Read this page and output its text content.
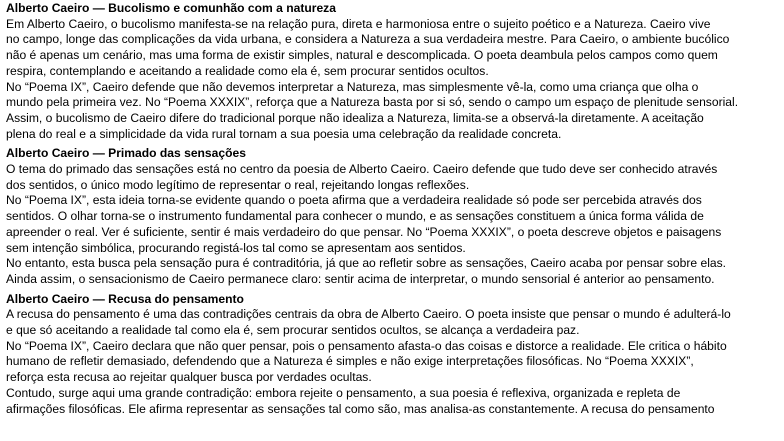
Alberto Caeiro — Bucolismo e comunhão com a natureza
Em Alberto Caeiro, o bucolismo manifesta-se na relação pura, direta e harmoniosa entre o sujeito poético e a Natureza. Caeiro vive
no campo, longe das complicações da vida urbana, e considera a Natureza a sua verdadeira mestre. Para Caeiro, o ambiente bucólico
não é apenas um cenário, mas uma forma de existir simples, natural e descomplicada. O poeta deambula pelos campos como quem
respira, contemplando e aceitando a realidade como ela é, sem procurar sentidos ocultos.
No “Poema IX”, Caeiro defende que não devemos interpretar a Natureza, mas simplesmente vê-la, como uma criança que olha o
mundo pela primeira vez. No “Poema XXXIX”, reforça que a Natureza basta por si só, sendo o campo um espaço de plenitude sensorial.
Assim, o bucolismo de Caeiro difere do tradicional porque não idealiza a Natureza, limita-se a observá-la diretamente. A aceitação
plena do real e a simplicidade da vida rural tornam a sua poesia uma celebração da realidade concreta.
Alberto Caeiro — Primado das sensações
O tema do primado das sensações está no centro da poesia de Alberto Caeiro. Caeiro defende que tudo deve ser conhecido através
dos sentidos, o único modo legítimo de representar o real, rejeitando longas reflexões.
No “Poema IX”, esta ideia torna-se evidente quando o poeta afirma que a verdadeira realidade só pode ser percebida através dos
sentidos. O olhar torna-se o instrumento fundamental para conhecer o mundo, e as sensações constituem a única forma válida de
apreender o real. Ver é suficiente, sentir é mais verdadeiro do que pensar. No “Poema XXXIX”, o poeta descreve objetos e paisagens
sem intenção simbólica, procurando registá-los tal como se apresentam aos sentidos.
No entanto, esta busca pela sensação pura é contraditória, já que ao refletir sobre as sensações, Caeiro acaba por pensar sobre elas.
Ainda assim, o sensacionismo de Caeiro permanece claro: sentir acima de interpretar, o mundo sensorial é anterior ao pensamento.
Alberto Caeiro — Recusa do pensamento
A recusa do pensamento é uma das contradições centrais da obra de Alberto Caeiro. O poeta insiste que pensar o mundo é adulterá-lo
e que só aceitando a realidade tal como ela é, sem procurar sentidos ocultos, se alcança a verdadeira paz.
No “Poema IX”, Caeiro declara que não quer pensar, pois o pensamento afasta-o das coisas e distorce a realidade. Ele critica o hábito
humano de refletir demasiado, defendendo que a Natureza é simples e não exige interpretações filosóficas. No “Poema XXXIX”,
reforça esta recusa ao rejeitar qualquer busca por verdades ocultas.
Contudo, surge aqui uma grande contradição: embora rejeite o pensamento, a sua poesia é reflexiva, organizada e repleta de
afirmações filosóficas. Ele afirma representar as sensações tal como são, mas analisa-as constantemente. A recusa do pensamento
